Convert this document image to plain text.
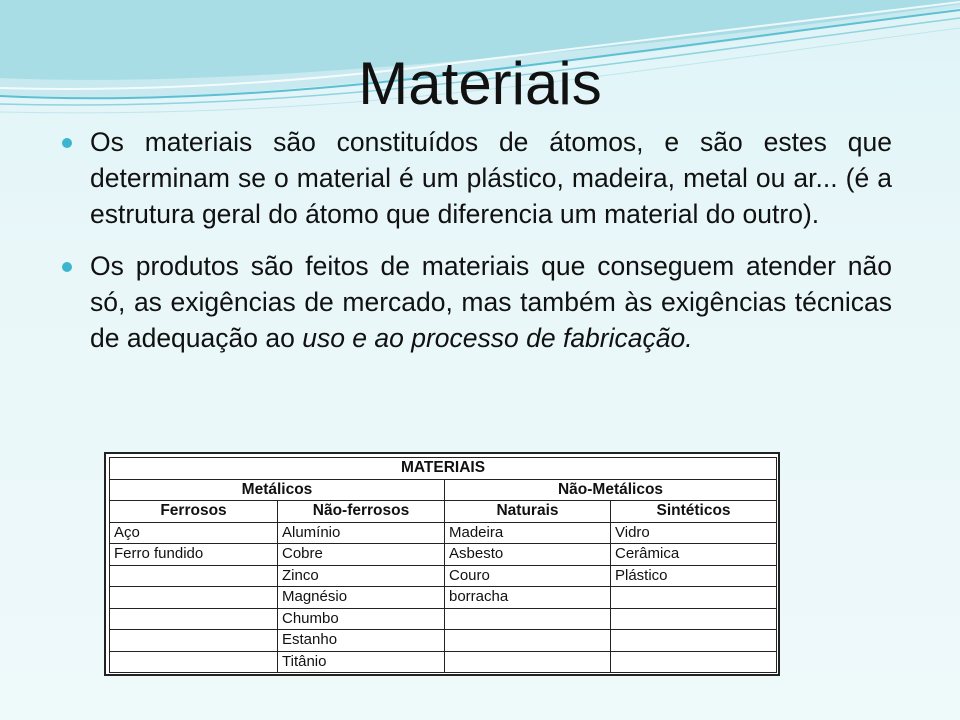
Materiais
Os materiais são constituídos de átomos, e são estes que determinam se o material é um plástico, madeira, metal ou ar... (é a estrutura geral do átomo que diferencia um material do outro).
Os produtos são feitos de materiais que conseguem atender não só, as exigências de mercado, mas também às exigências técnicas de adequação ao uso e ao processo de fabricação.
MATERIAIS			
Metálicos		Não-Metálicos	
Ferrosos	Não-ferrosos	Naturais	Sintéticos
Aço	Alumínio	Madeira	Vidro
Ferro fundido	Cobre	Asbesto	Cerâmica
	Zinco	Couro	Plástico
	Magnésio	borracha	
	Chumbo		
	Estanho		
	Titânio		
